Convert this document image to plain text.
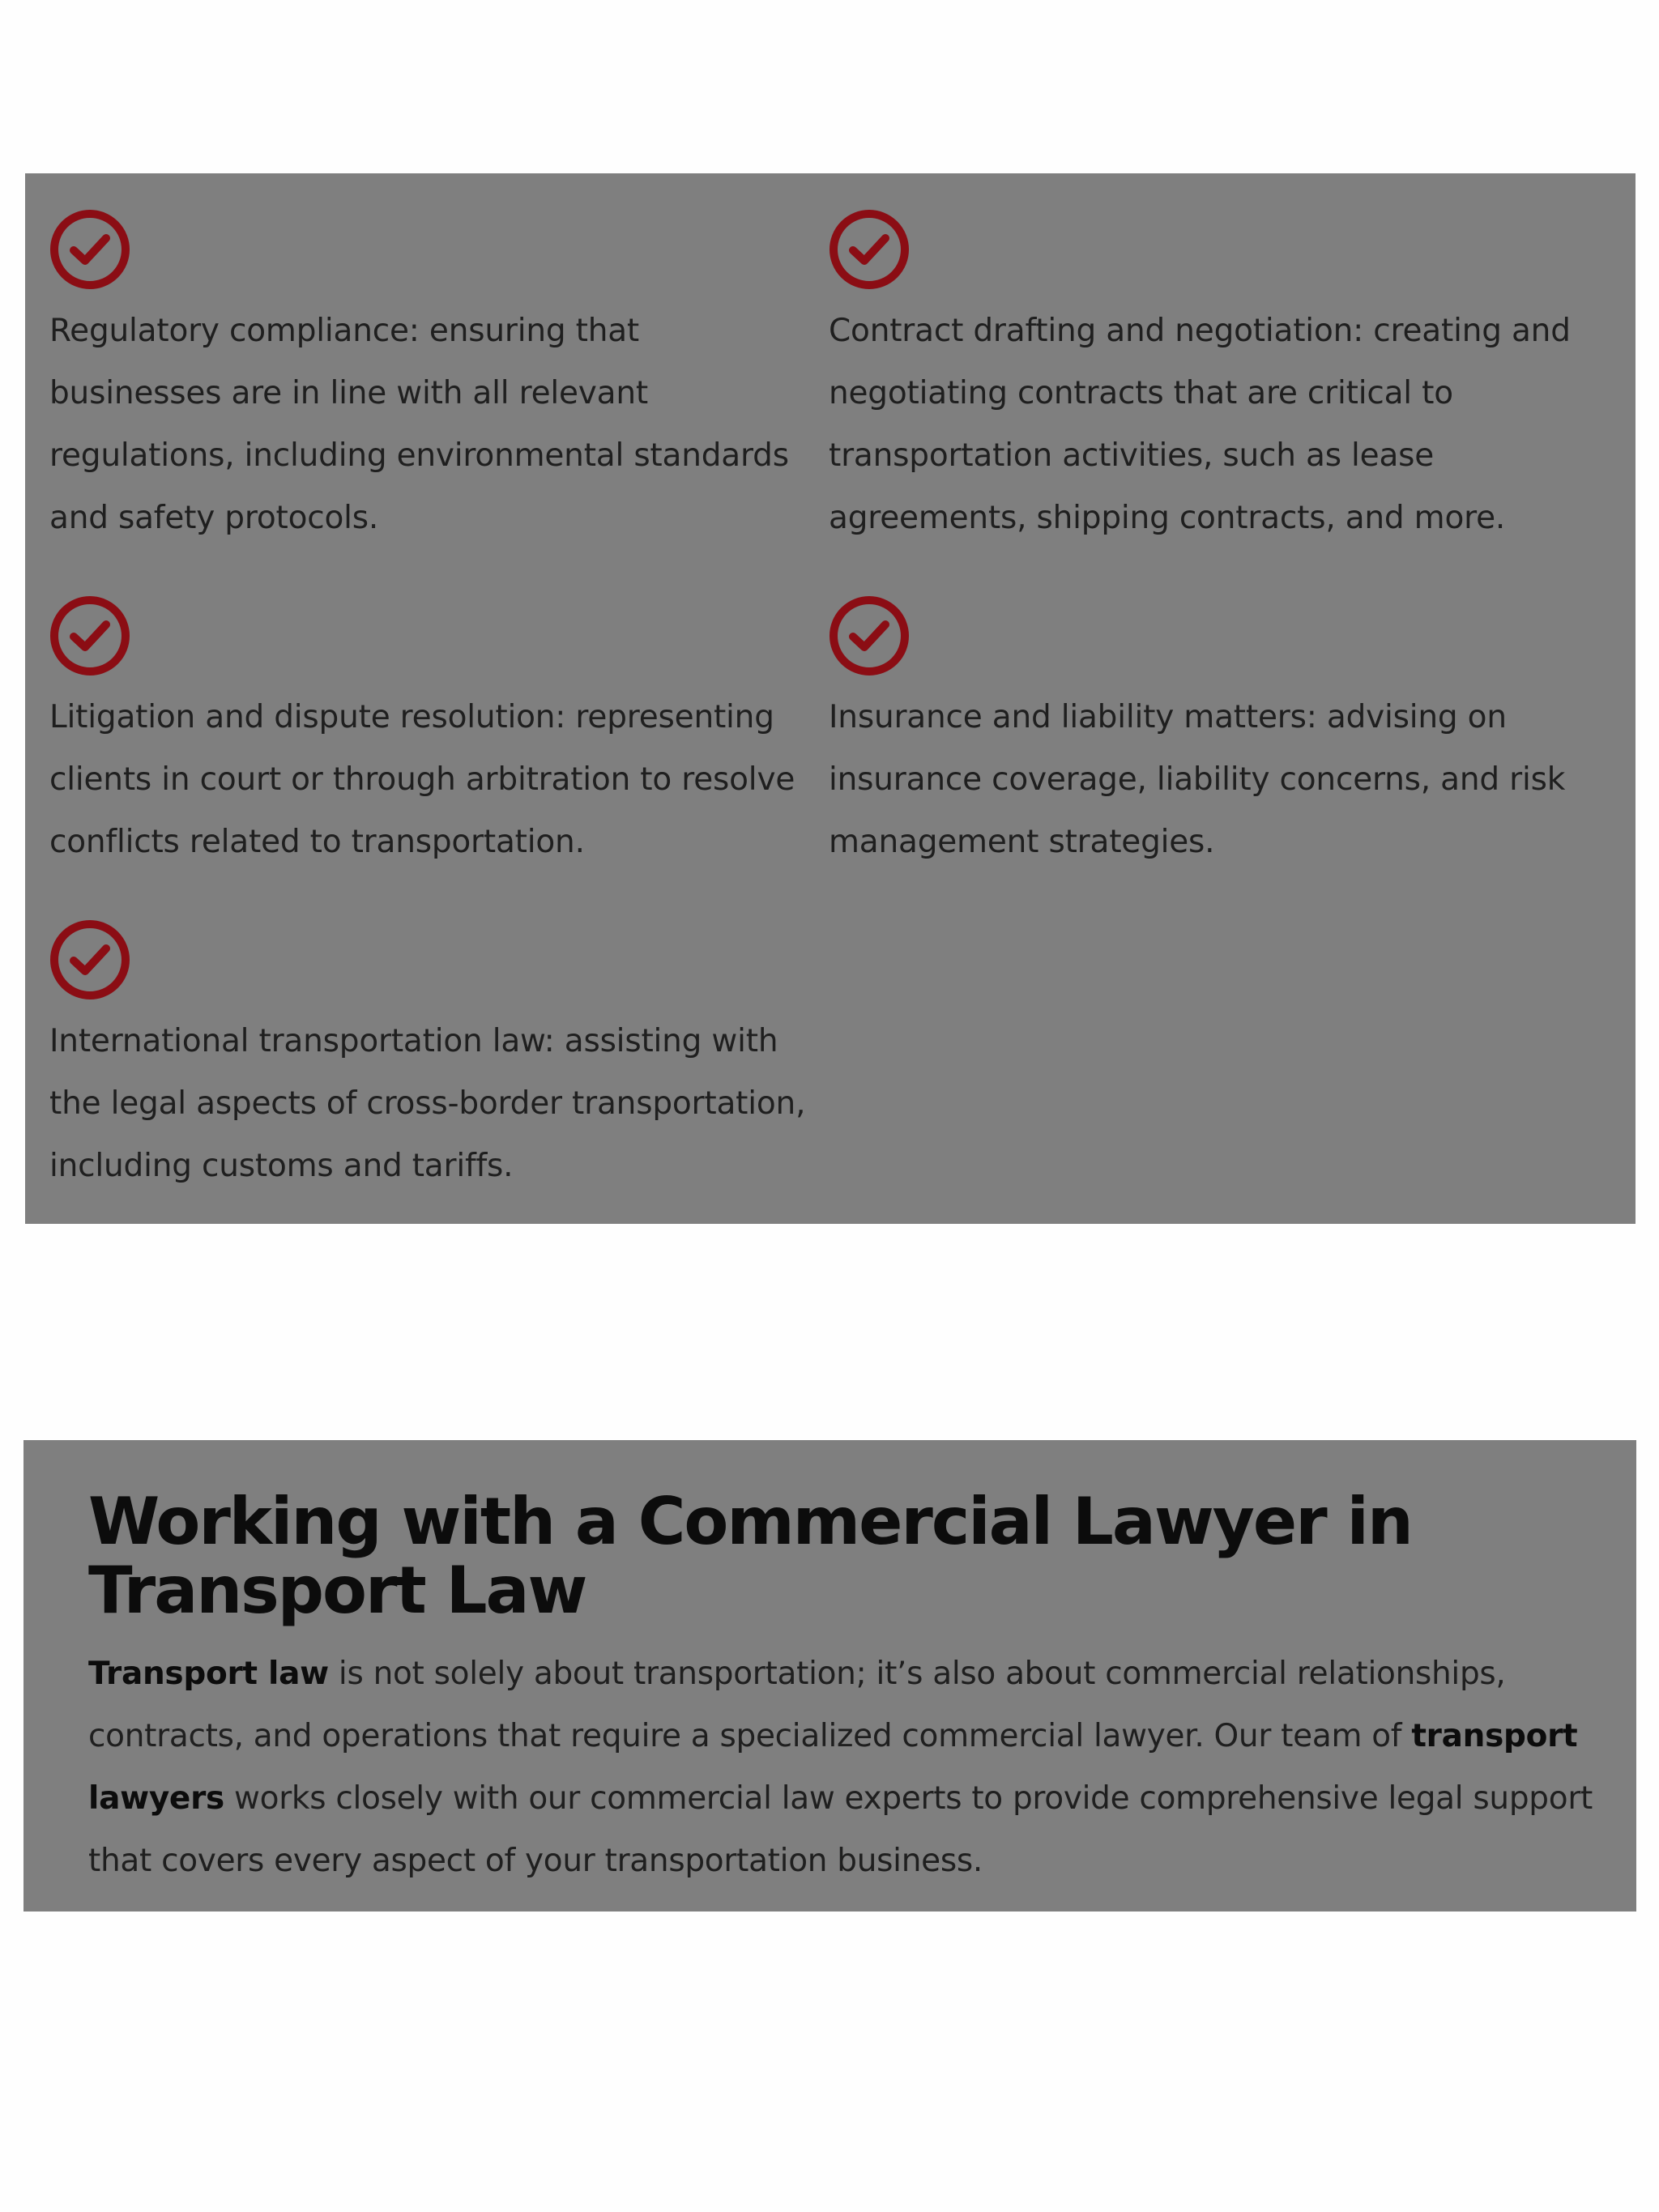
Regulatory compliance: ensuring that businesses are in line with all relevant regulations, including environmental standards and safety protocols.

Contract drafting and negotiation: creating and negotiating contracts that are critical to transportation activities, such as lease agreements, shipping contracts, and more.

Litigation and dispute resolution: representing clients in court or through arbitration to resolve conflicts related to transportation.

Insurance and liability matters: advising on insurance coverage, liability concerns, and risk management strategies.

International transportation law: assisting with the legal aspects of cross-border transportation, including customs and tariffs.

Working with a Commercial Lawyer in Transport Law

Transport law is not solely about transportation; it’s also about commercial relationships, contracts, and operations that require a specialized commercial lawyer. Our team of transport lawyers works closely with our commercial law experts to provide comprehensive legal support that covers every aspect of your transportation business.
